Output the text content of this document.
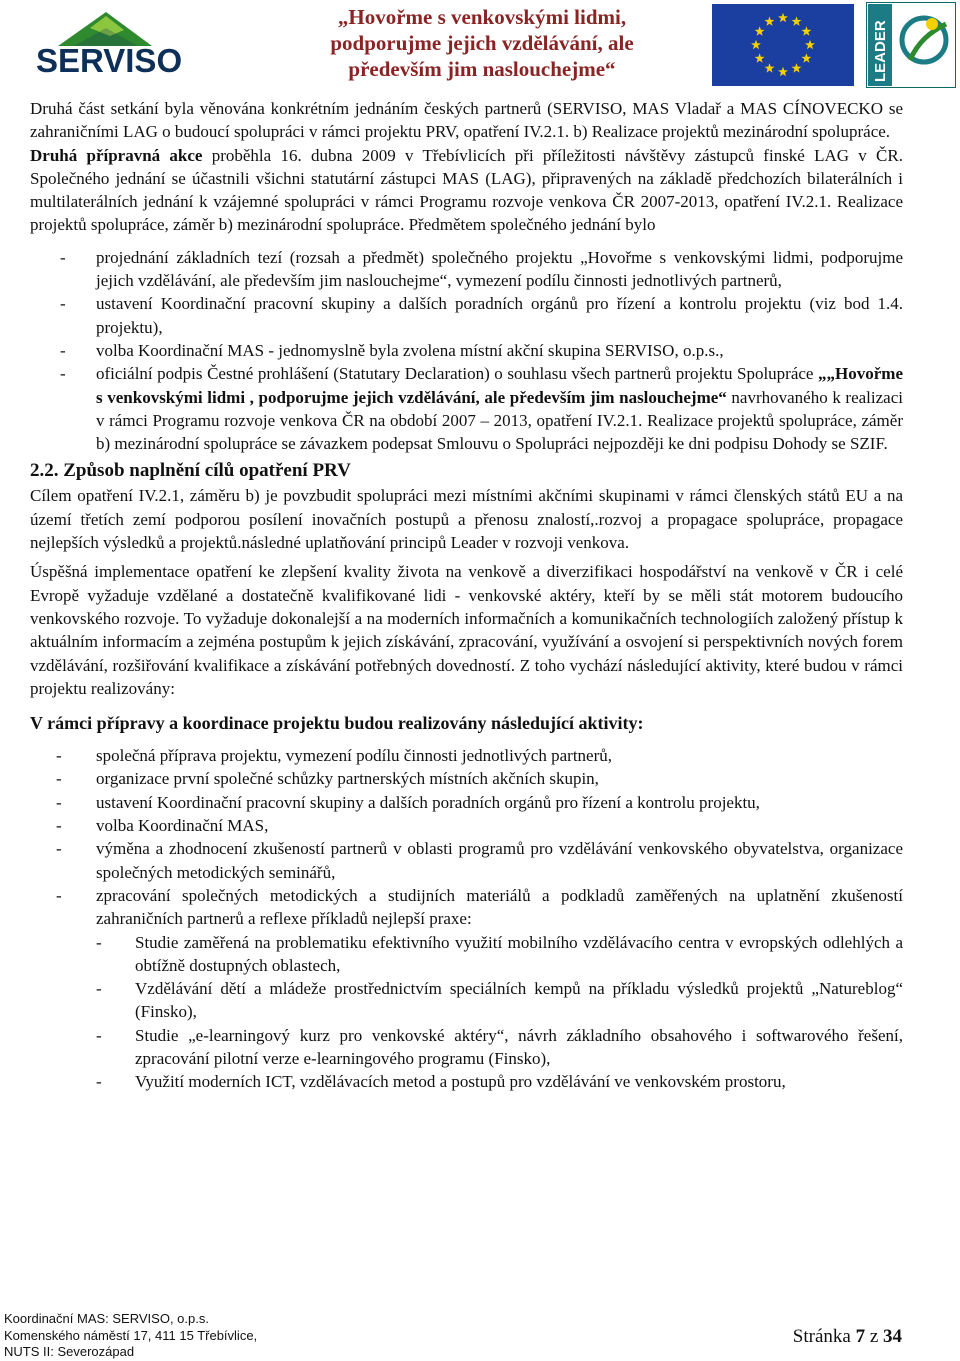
SERVISO
„Hovořme s venkovskými lidmi,
podporujme jejich vzdělávání, ale
především jim naslouchejme“	LEADER

Druhá část setkání byla věnována konkrétním jednáním českých partnerů (SERVISO, MAS Vladař a MAS CÍNOVECKO se zahraničními LAG o budoucí spolupráci v rámci projektu PRV, opatření IV.2.1. b) Realizace projektů mezinárodní spolupráce.

Druhá přípravná akce proběhla 16. dubna 2009 v Třebívlicích při příležitosti návštěvy zástupců finské LAG v ČR. Společného jednání se účastnili všichni statutární zástupci MAS (LAG), připravených na základě předchozích bilaterálních i multilaterálních jednání k vzájemné spolupráci v rámci Programu rozvoje venkova ČR 2007-2013, opatření IV.2.1. Realizace projektů spolupráce, záměr b) mezinárodní spolupráce. Předmětem společného jednání bylo

- projednání základních tezí (rozsah a předmět) společného projektu „Hovořme s venkovskými lidmi, podporujme jejich vzdělávání, ale především jim naslouchejme“, vymezení podílu činnosti jednotlivých partnerů,
- ustavení Koordinační pracovní skupiny a dalších poradních orgánů pro řízení a kontrolu projektu (viz bod 1.4. projektu),
- volba Koordinační MAS - jednomyslně byla zvolena místní akční skupina SERVISO, o.p.s.,
- oficiální podpis Čestné prohlášení (Statutary Declaration) o souhlasu všech partnerů projektu Spolupráce „„Hovořme s venkovskými lidmi , podporujme jejich vzdělávání, ale především jim naslouchejme“ navrhovaného k realizaci v rámci Programu rozvoje venkova ČR na období 2007 – 2013, opatření IV.2.1. Realizace projektů spolupráce, záměr b) mezinárodní spolupráce se závazkem podepsat Smlouvu o Spolupráci nejpozději ke dni podpisu Dohody se SZIF.
2.2. Způsob naplnění cílů opatření PRV

Cílem opatření IV.2.1, záměru b) je povzbudit spolupráci mezi místními akčními skupinami v rámci členských států EU a na území třetích zemí podporou posílení inovačních postupů a přenosu znalostí,.rozvoj a propagace spolupráce, propagace nejlepších výsledků a projektů.následné uplatňování principů Leader v rozvoji venkova.

Úspěšná implementace opatření ke zlepšení kvality života na venkově a diverzifikaci hospodářství na venkově v ČR i celé Evropě vyžaduje vzdělané a dostatečně kvalifikované lidi - venkovské aktéry, kteří by se měli stát motorem budoucího venkovského rozvoje. To vyžaduje dokonalejší a na moderních informačních a komunikačních technologiích založený přístup k aktuálním informacím a zejména postupům k jejich získávání, zpracování, využívání a osvojení si perspektivních nových forem vzdělávání, rozšiřování kvalifikace a získávání potřebných dovedností. Z toho vychází následující aktivity, které budou v rámci projektu realizovány:

V rámci přípravy a koordinace projektu budou realizovány následující aktivity:
- společná příprava projektu, vymezení podílu činnosti jednotlivých partnerů,
- organizace první společné schůzky partnerských místních akčních skupin,
- ustavení Koordinační pracovní skupiny a dalších poradních orgánů pro řízení a kontrolu projektu,
- volba Koordinační MAS,
- výměna a zhodnocení zkušeností partnerů v oblasti programů pro vzdělávání venkovského obyvatelstva, organizace společných metodických seminářů,
- zpracování společných metodických a studijních materiálů a podkladů zaměřených na uplatnění zkušeností zahraničních partnerů a reflexe příkladů nejlepší praxe:
- Studie zaměřená na problematiku efektivního využití mobilního vzdělávacího centra v evropských odlehlých a obtížně dostupných oblastech,
- Vzdělávání dětí a mládeže prostřednictvím speciálních kempů na příkladu výsledků projektů „Natureblog“ (Finsko),
- Studie „e-learningový kurz pro venkovské aktéry“, návrh základního obsahového i softwarového řešení, zpracování pilotní verze e-learningového programu (Finsko),
- Využití moderních ICT, vzdělávacích metod a postupů pro vzdělávání ve venkovském prostoru,
Koordinační MAS: SERVISO, o.p.s.
Komenského náměstí 17, 411 15 Třebívlice,
NUTS II: Severozápad
Stránka 7 z 34
